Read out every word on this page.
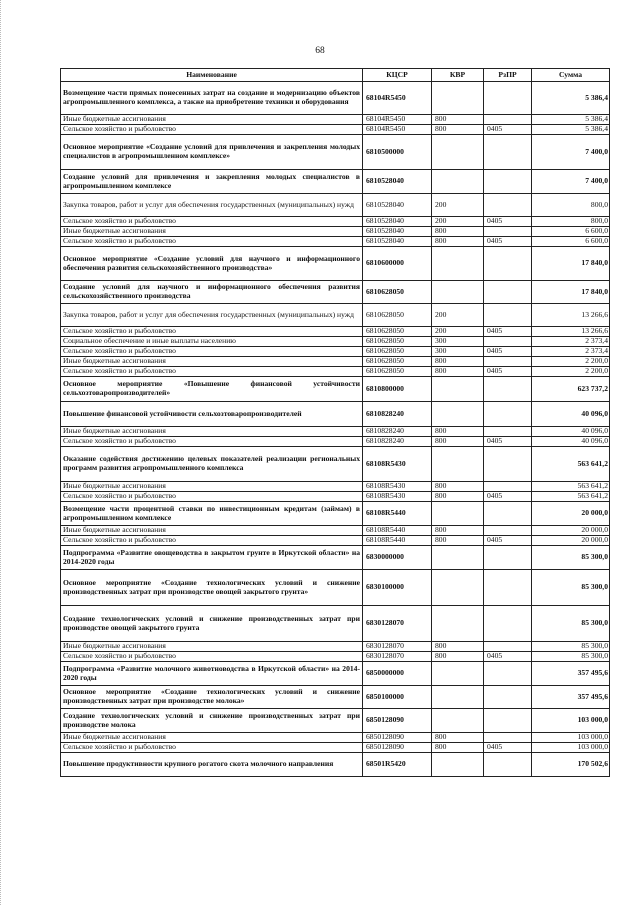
68
Наименование	КЦСР	КВР	РзПР	Сумма
Возмещение части прямых понесенных затрат на создание и модернизацию объектов агропромышленного комплекса, а также на приобретение техники и оборудования	68104R5450			5 386,4
Иные бюджетные ассигнования	68104R5450	800		5 386,4
Сельское хозяйство и рыболовство	68104R5450	800	0405	5 386,4
Основное мероприятие «Создание условий для привлечения и закрепления молодых специалистов в агропромышленном комплексе»	6810500000			7 400,0
Создание условий для привлечения и закрепления молодых специалистов в агропромышленном комплексе	6810528040			7 400,0
Закупка товаров, работ и услуг для обеспечения государственных (муниципальных) нужд	6810528040	200		800,0
Сельское хозяйство и рыболовство	6810528040	200	0405	800,0
Иные бюджетные ассигнования	6810528040	800		6 600,0
Сельское хозяйство и рыболовство	6810528040	800	0405	6 600,0
Основное мероприятие «Создание условий для научного и информационного обеспечения развития сельскохозяйственного производства»	6810600000			17 840,0
Создание условий для научного и информационного обеспечения развития сельскохозяйственного производства	6810628050			17 840,0
Закупка товаров, работ и услуг для обеспечения государственных (муниципальных) нужд	6810628050	200		13 266,6
Сельское хозяйство и рыболовство	6810628050	200	0405	13 266,6
Социальное обеспечение и иные выплаты населению	6810628050	300		2 373,4
Сельское хозяйство и рыболовство	6810628050	300	0405	2 373,4
Иные бюджетные ассигнования	6810628050	800		2 200,0
Сельское хозяйство и рыболовство	6810628050	800	0405	2 200,0
Основное мероприятие «Повышение финансовой устойчивости сельхозтоваропроизводителей»	6810800000			623 737,2
Повышение финансовой устойчивости сельхозтоваропроизводителей	6810828240			40 096,0
Иные бюджетные ассигнования	6810828240	800		40 096,0
Сельское хозяйство и рыболовство	6810828240	800	0405	40 096,0
Оказание содействия достижению целевых показателей реализации региональных программ развития агропромышленного комплекса	68108R5430			563 641,2
Иные бюджетные ассигнования	68108R5430	800		563 641,2
Сельское хозяйство и рыболовство	68108R5430	800	0405	563 641,2
Возмещение части процентной ставки по инвестиционным кредитам (займам) в агропромышленном комплексе	68108R5440			20 000,0
Иные бюджетные ассигнования	68108R5440	800		20 000,0
Сельское хозяйство и рыболовство	68108R5440	800	0405	20 000,0
Подпрограмма «Развитие овощеводства в закрытом грунте в Иркутской области» на 2014-2020 годы	6830000000			85 300,0
Основное мероприятие «Создание технологических условий и снижение производственных затрат при производстве овощей закрытого грунта»	6830100000			85 300,0
Создание технологических условий и снижение производственных затрат при производстве овощей закрытого грунта	6830128070			85 300,0
Иные бюджетные ассигнования	6830128070	800		85 300,0
Сельское хозяйство и рыболовство	6830128070	800	0405	85 300,0
Подпрограмма «Развитие молочного животноводства в Иркутской области» на 2014-2020 годы	6850000000			357 495,6
Основное мероприятие «Создание технологических условий и снижение производственных затрат при производстве молока»	6850100000			357 495,6
Создание технологических условий и снижение производственных затрат при производстве молока	6850128090			103 000,0
Иные бюджетные ассигнования	6850128090	800		103 000,0
Сельское хозяйство и рыболовство	6850128090	800	0405	103 000,0
Повышение продуктивности крупного рогатого скота молочного направления	68501R5420			170 502,6
